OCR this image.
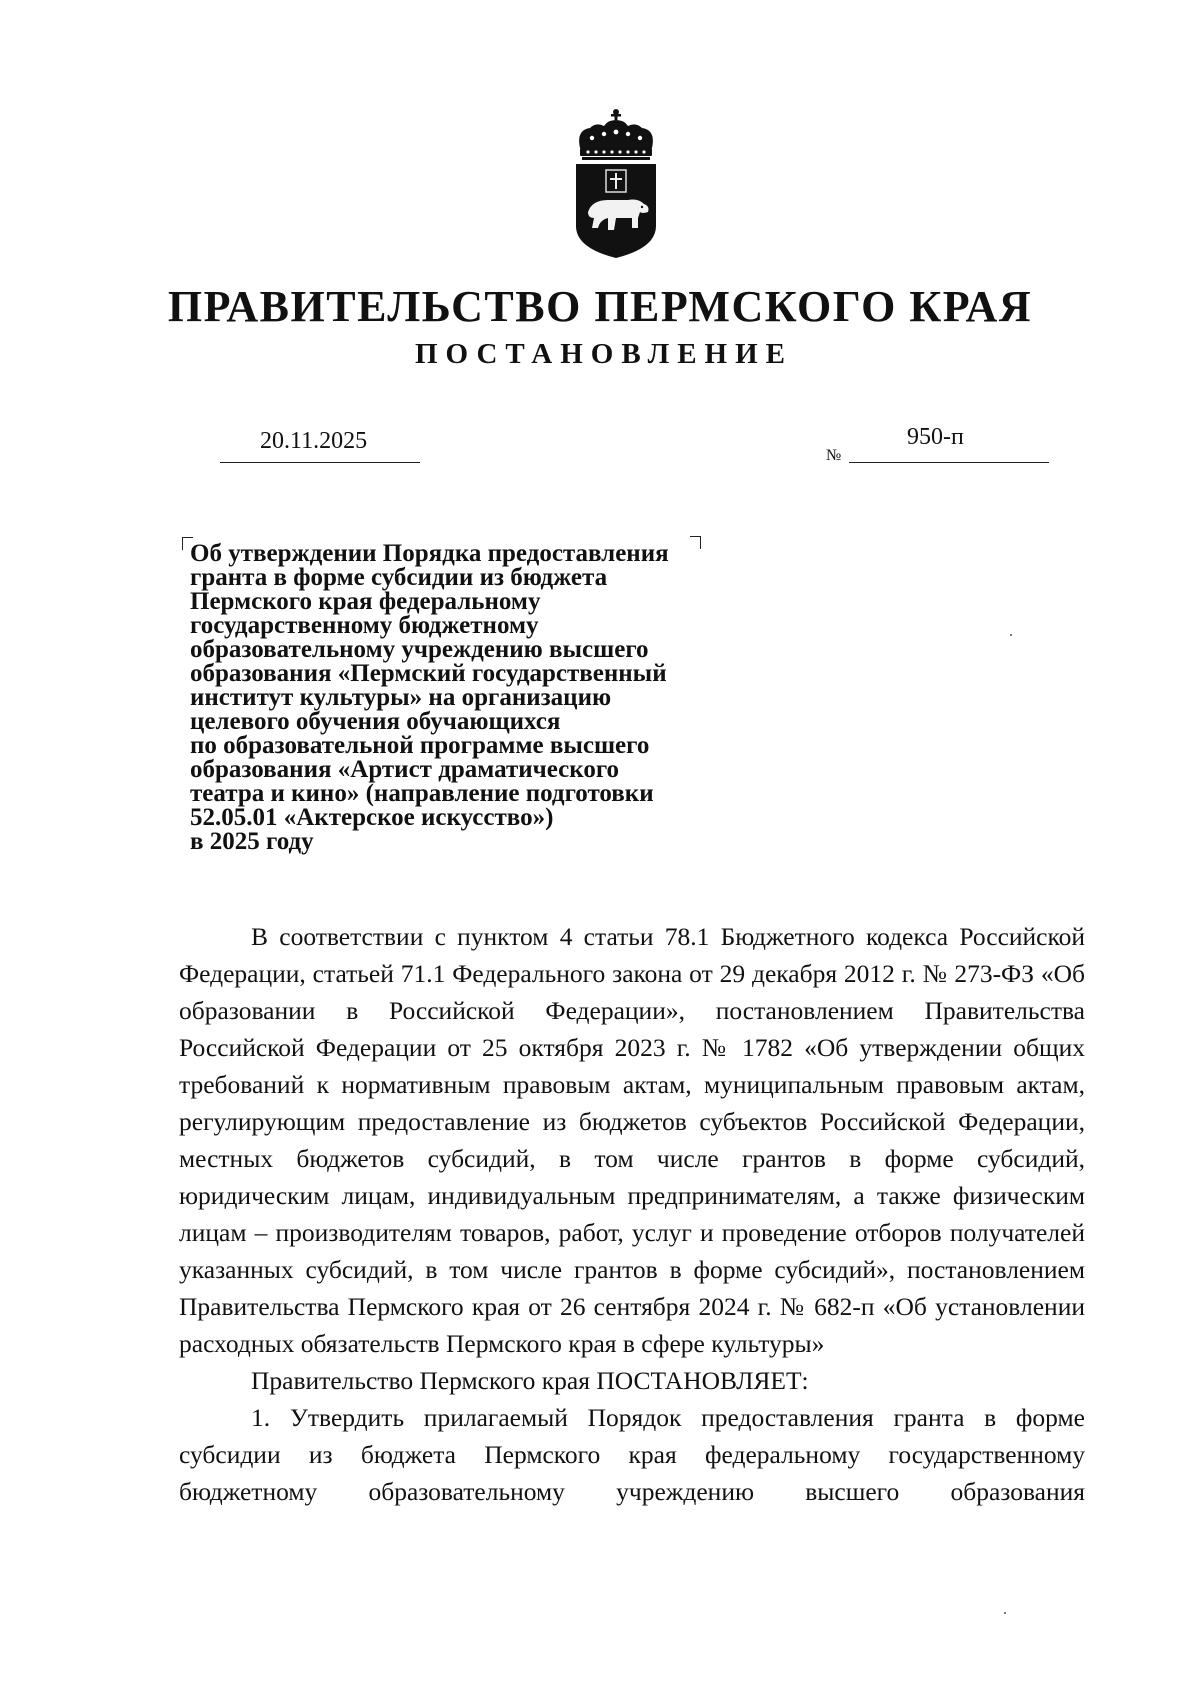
ПРАВИТЕЛЬСТВО ПЕРМСКОГО КРАЯ
ПОСТАНОВЛЕНИЕ
20.11.2025
№
950-п

Об утверждении Порядка предоставления
гранта в форме субсидии из бюджета
Пермского края федеральному
государственному бюджетному
образовательному учреждению высшего
образования «Пермский государственный
институт культуры» на организацию
целевого обучения обучающихся
по образовательной программе высшего
образования «Артист драматического
театра и кино» (направление подготовки
52.05.01 «Актерское искусство»)
в 2025 году

В соответствии с пунктом 4 статьи 78.1 Бюджетного кодекса Российской Федерации, статьей 71.1 Федерального закона от 29 декабря 2012 г. № 273-ФЗ «Об образовании в Российской Федерации», постановлением Правительства Российской Федерации от 25 октября 2023 г. № 1782 «Об утверждении общих требований к нормативным правовым актам, муниципальным правовым актам, регулирующим предоставление из бюджетов субъектов Российской Федерации, местных бюджетов субсидий, в том числе грантов в форме субсидий, юридическим лицам, индивидуальным предпринимателям, а также физическим лицам – производителям товаров, работ, услуг и проведение отборов получателей указанных субсидий, в том числе грантов в форме субсидий», постановлением Правительства Пермского края от 26 сентября 2024 г. № 682-п «Об установлении расходных обязательств Пермского края в сфере культуры»

Правительство Пермского края ПОСТАНОВЛЯЕТ:

1. Утвердить прилагаемый Порядок предоставления гранта в форме субсидии из бюджета Пермского края федеральному государственному бюджетному образовательному учреждению высшего образования
